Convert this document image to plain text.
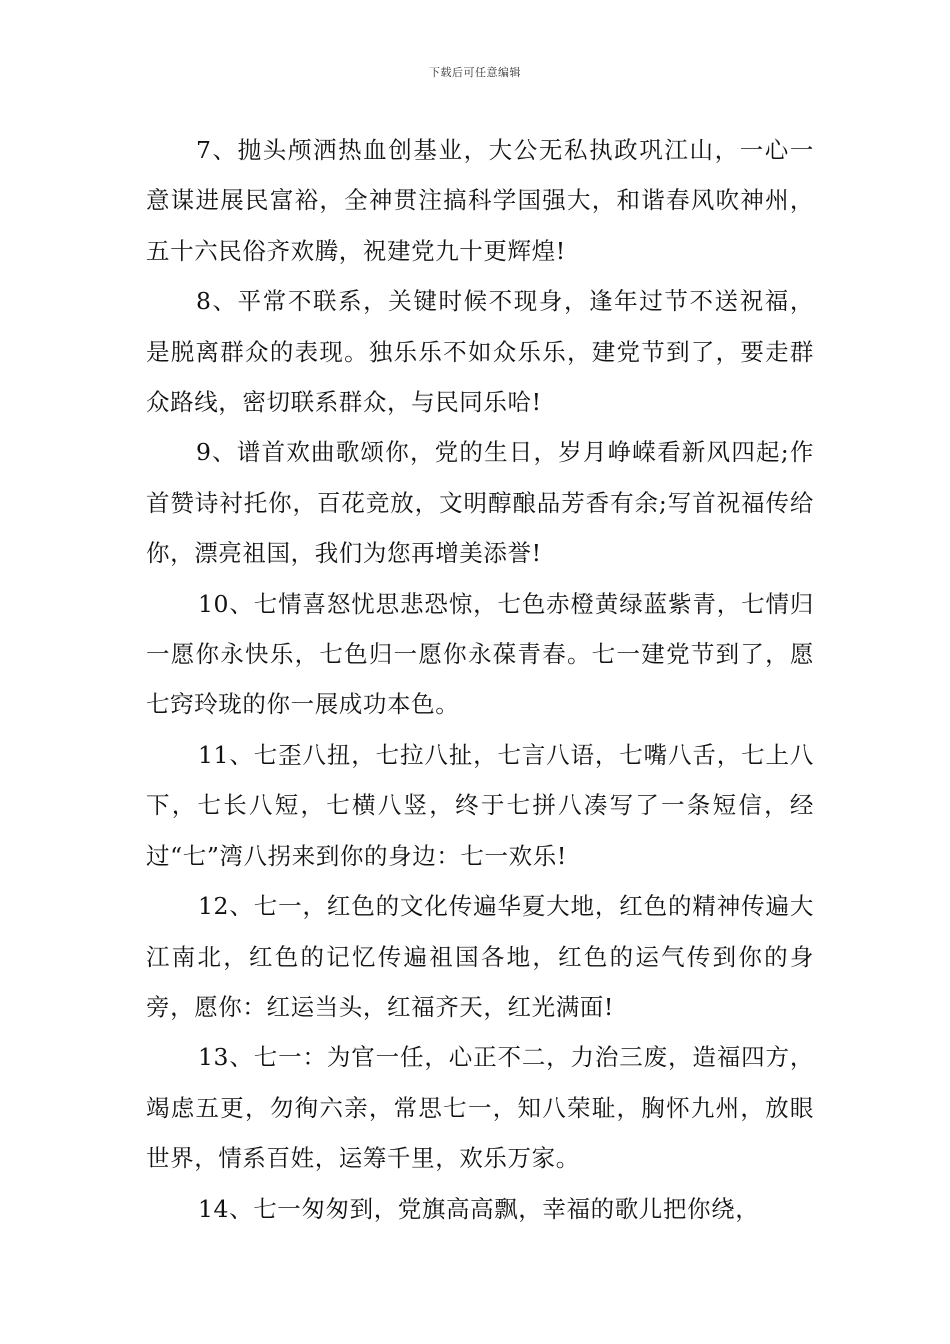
下载后可任意编辑

7、抛头颅洒热血创基业，大公无私执政巩江山，一心一意谋进展民富裕，全神贯注搞科学国强大，和谐春风吹神州，五十六民俗齐欢腾，祝建党九十更辉煌!

8、平常不联系，关键时候不现身，逢年过节不送祝福，是脱离群众的表现。独乐乐不如众乐乐，建党节到了，要走群众路线，密切联系群众，与民同乐哈!

9、谱首欢曲歌颂你，党的生日，岁月峥嵘看新风四起;作首赞诗衬托你，百花竞放，文明醇酿品芳香有余;写首祝福传给你，漂亮祖国，我们为您再增美添誉!

10、七情喜怒忧思悲恐惊，七色赤橙黄绿蓝紫青，七情归一愿你永快乐，七色归一愿你永葆青春。七一建党节到了，愿七窍玲珑的你一展成功本色。

11、七歪八扭，七拉八扯，七言八语，七嘴八舌，七上八下，七长八短，七横八竖，终于七拼八凑写了一条短信，经过“七”湾八拐来到你的身边：七一欢乐!

12、七一，红色的文化传遍华夏大地，红色的精神传遍大江南北，红色的记忆传遍祖国各地，红色的运气传到你的身旁，愿你：红运当头，红福齐天，红光满面!

13、七一：为官一任，心正不二，力治三废，造福四方，竭虑五更，勿徇六亲，常思七一，知八荣耻，胸怀九州，放眼世界，情系百姓，运筹千里，欢乐万家。

14、七一匆匆到，党旗高高飘，幸福的歌儿把你绕，
